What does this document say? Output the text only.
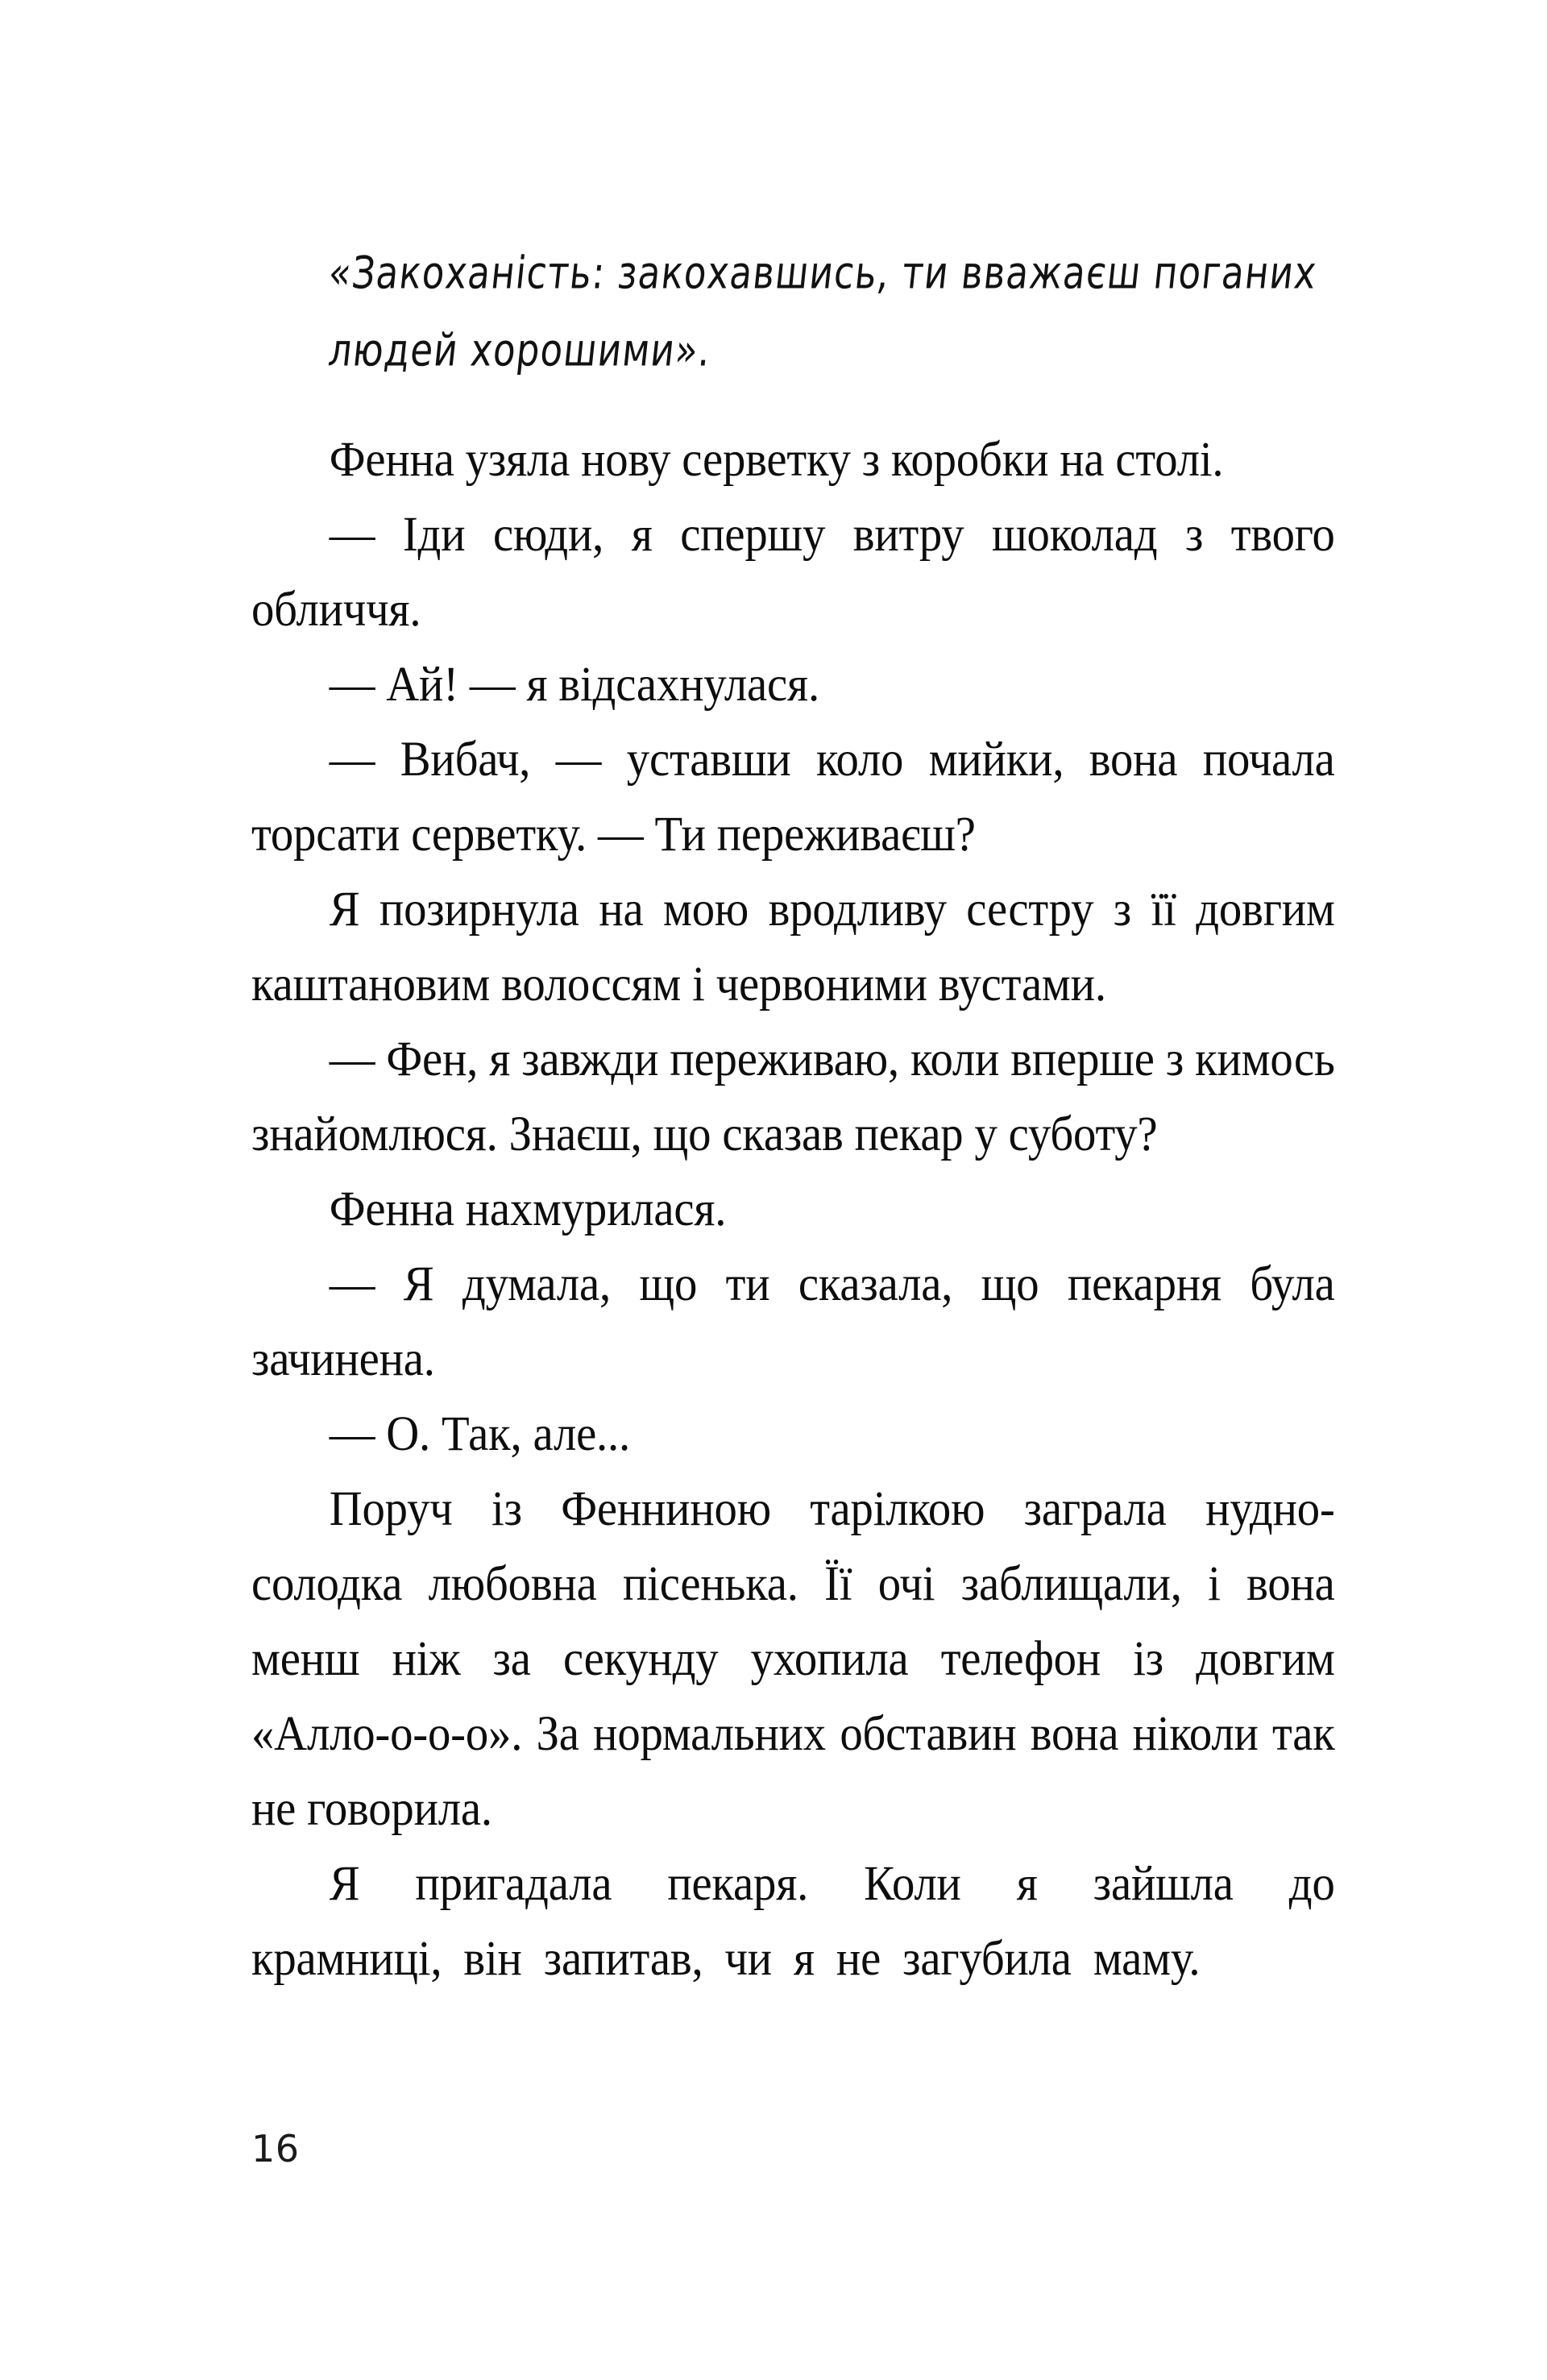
«Закоханість: закохавшись, ти вважаєш поганих
людей хорошими».

Фенна узяла нову серветку з коробки на столі.

— Іди сюди, я спершу витру шоколад з твого обличчя.

— Ай! — я відсахнулася.

— Вибач, — уставши коло мийки, вона почала торсати серветку. — Ти переживаєш?

Я позирнула на мою вродливу сестру з її довгим каштановим волоссям і червоними вустами.

— Фен, я завжди переживаю, коли вперше з кимось знайомлюся. Знаєш, що сказав пекар у суботу?

Фенна нахмурилася.

— Я думала, що ти сказала, що пекарня була зачинена.

— О. Так, але...

Поруч із Фенниною тарілкою заграла нудно-солодка любовна пісенька. Її очі заблищали, і вона менш ніж за секунду ухопила телефон із довгим «Алло-о-о-о». За нормальних обставин вона ніколи так не говорила.

Я пригадала пекаря. Коли я зайшла до крамниці, він запитав, чи я не загубила маму.

16
